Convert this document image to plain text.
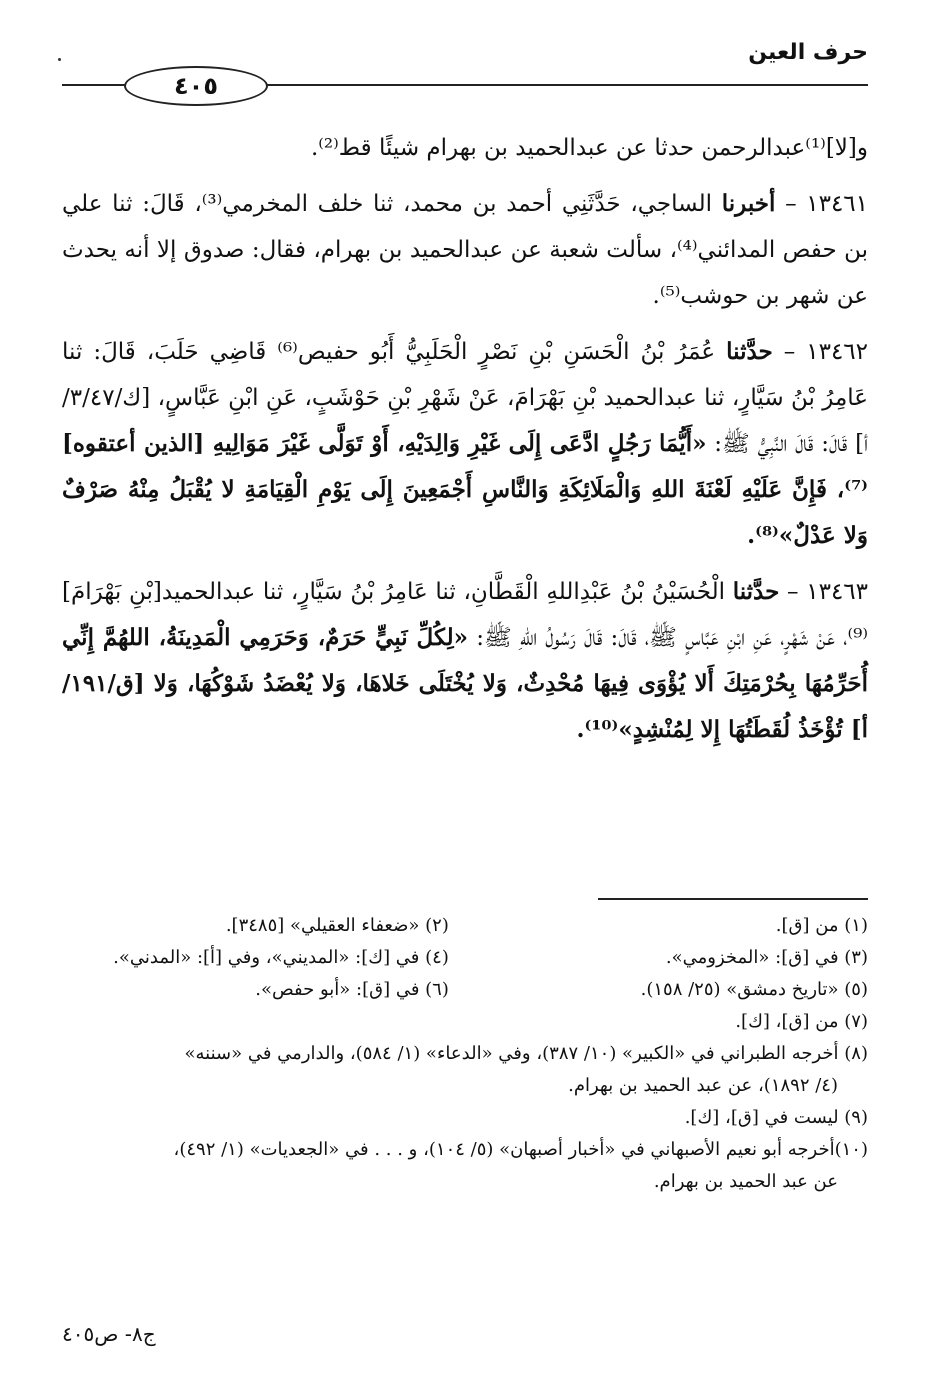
حرف العين
٤٠٥

و[لا]⁽¹⁾عبدالرحمن حدثا عن عبدالحميد بن بهرام شيئًا قط⁽²⁾.

١٣٤٦١ – أخبرنا الساجي، حَدَّثَنِي أحمد بن محمد، ثنا خلف المخرمي⁽³⁾، قَالَ: ثنا علي بن حفص المدائني⁽⁴⁾، سألت شعبة عن عبدالحميد بن بهرام، فقال: صدوق إلا أنه يحدث عن شهر بن حوشب⁽⁵⁾.

١٣٤٦٢ – حدَّثنا عُمَرُ بْنُ الْحَسَنِ بْنِ نَصْرٍ الْحَلَبِيُّ أَبُو حفيص⁽⁶⁾ قَاضِي حَلَبَ، قَالَ: ثنا عَامِرُ بْنُ سَيَّارٍ، ثنا عبدالحميد بْنِ بَهْرَامَ، عَنْ شَهْرِ بْنِ حَوْشَبٍ، عَنِ ابْنِ عَبَّاسٍ، [ك/٣/٤٧/أ] قَالَ: قَالَ النَّبِيُّ ﷺ: «أَيُّمَا رَجُلٍ ادَّعَى إِلَى غَيْرِ وَالِدَيْهِ، أَوْ تَوَلَّى غَيْرَ مَوَالِيهِ [الذين أعتقوه]⁽⁷⁾، فَإِنَّ عَلَيْهِ لَعْنَةَ اللهِ وَالْمَلَائِكَةِ وَالنَّاسِ أَجْمَعِينَ إِلَى يَوْمِ الْقِيَامَةِ لا يُقْبَلُ مِنْهُ صَرْفٌ وَلا عَدْلٌ»⁽⁸⁾.

١٣٤٦٣ – حدَّثنا الْحُسَيْنُ بْنُ عَبْدِاللهِ الْقَطَّانِ، ثنا عَامِرُ بْنُ سَيَّارٍ، ثنا عبدالحميد[بْنِ بَهْرَامَ]⁽⁹⁾، عَنْ شَهْرٍ، عَنِ ابْنِ عَبَّاسٍ ﷺ، قَالَ: قَالَ رَسُولُ اللهِ ﷺ: «لِكُلِّ نَبِيٍّ حَرَمٌ، وَحَرَمِي الْمَدِينَةُ، اللهُمَّ إِنِّي أُحَرِّمُهَا بِحُرْمَتِكَ أَلا يُؤْوَى فِيهَا مُحْدِثٌ، وَلا يُخْتَلَى خَلاهَا، وَلا يُعْضَدُ شَوْكُهَا، وَلا [ق/١٩١/أ] تُؤْخَذُ لُقَطَتُهَا إِلا لِمُنْشِدٍ»⁽¹⁰⁾.

(١) من [ق].
(٢) «ضعفاء العقيلي» [٣٤٨٥].
(٣) في [ق]: «المخزومي».
(٤) في [ك]: «المديني»، وفي [أ]: «المدني».
(٥) «تاريخ دمشق» (٢٥/ ١٥٨).
(٦) في [ق]: «أبو حفص».
(٧) من [ق]، [ك].
(٨) أخرجه الطبراني في «الكبير» (١٠/ ٣٨٧)، وفي «الدعاء» (١/ ٥٨٤)، والدارمي في «سننه»
(٤/ ١٨٩٢)، عن عبد الحميد بن بهرام.
(٩) ليست في [ق]، [ك].
(١٠)أخرجه أبو نعيم الأصبهاني في «أخبار أصبهان» (٥/ ١٠٤)، و . . . في «الجعديات» (١/ ٤٩٢)،
عن عبد الحميد بن بهرام.
ج٨- ص٤٠٥
